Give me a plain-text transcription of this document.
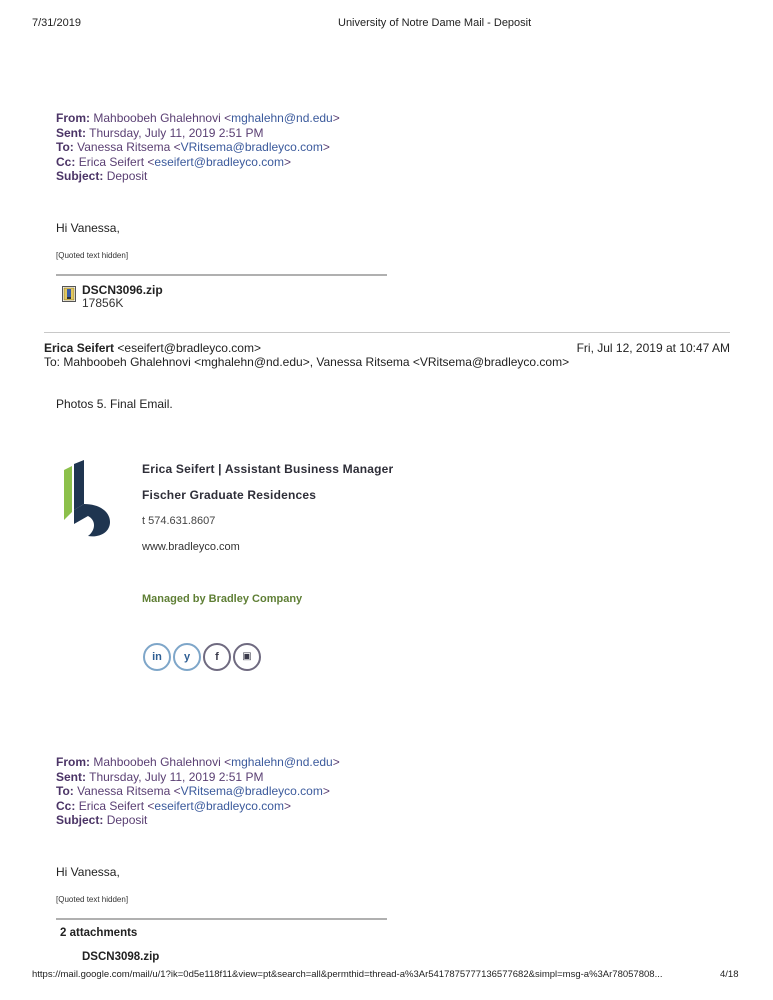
7/31/2019	University of Notre Dame Mail - Deposit
From: Mahboobeh Ghalehnovi <mghalehn@nd.edu>
Sent: Thursday, July 11, 2019 2:51 PM
To: Vanessa Ritsema <VRitsema@bradleyco.com>
Cc: Erica Seifert <eseifert@bradleyco.com>
Subject: Deposit
Hi Vanessa,
[Quoted text hidden]
DSCN3096.zip
17856K
Erica Seifert <eseifert@bradleyco.com>	Fri, Jul 12, 2019 at 10:47 AM
To: Mahboobeh Ghalehnovi <mghalehn@nd.edu>, Vanessa Ritsema <VRitsema@bradleyco.com>
Photos 5. Final Email.
Erica Seifert | Assistant Business Manager
Fischer Graduate Residences
t 574.631.8607
www.bradleyco.com
Managed by Bradley Company
in	y	f	▣
From: Mahboobeh Ghalehnovi <mghalehn@nd.edu>
Sent: Thursday, July 11, 2019 2:51 PM
To: Vanessa Ritsema <VRitsema@bradleyco.com>
Cc: Erica Seifert <eseifert@bradleyco.com>
Subject: Deposit
Hi Vanessa,
[Quoted text hidden]
2 attachments
DSCN3098.zip
https://mail.google.com/mail/u/1?ik=0d5e118f11&view=pt&search=all&permthid=thread-a%3Ar5417875777136577682&simpl=msg-a%3Ar78057808...	4/18
